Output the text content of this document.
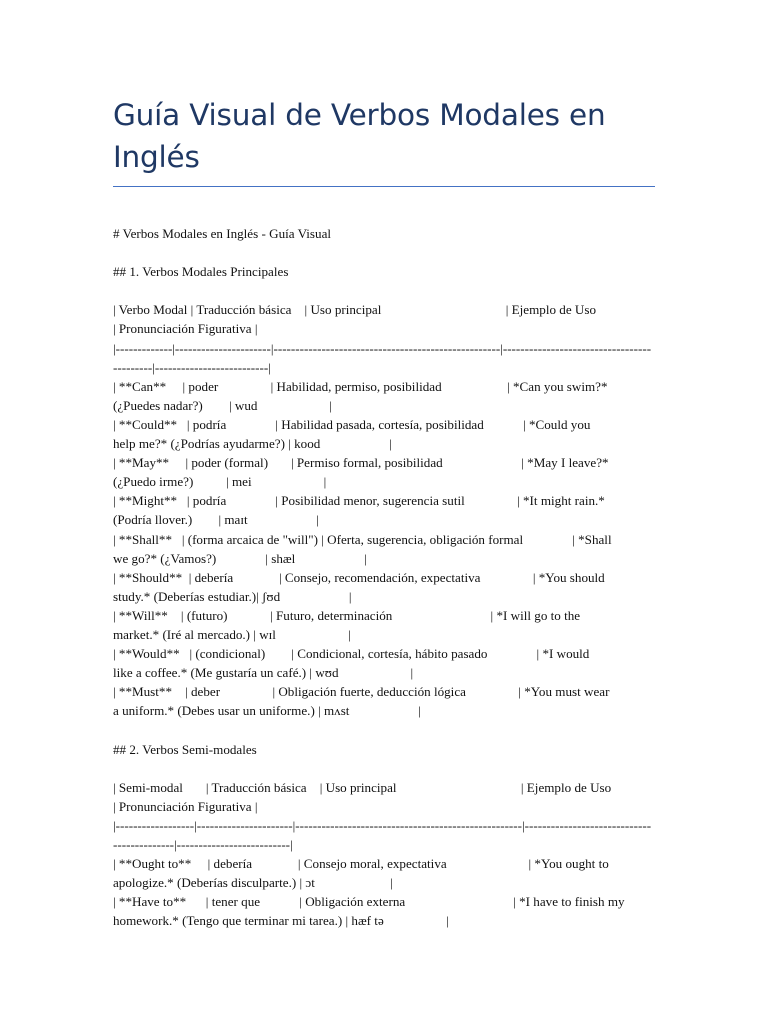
Guía Visual de Verbos Modales en Inglés
# Verbos Modales en Inglés - Guía Visual
## 1. Verbos Modales Principales
| Verbo Modal | Traducción básica    | Uso principal                                      | Ejemplo de Uso
| Pronunciación Figurativa |
|-------------|----------------------|----------------------------------------------------|-------------------------------------------|--------------------------|
| **Can**     | poder                | Habilidad, permiso, posibilidad                    | *Can you swim?*
(¿Puedes nadar?)        | wud                      |
| **Could**   | podría               | Habilidad pasada, cortesía, posibilidad            | *Could you
help me?* (¿Podrías ayudarme?) | kood                     |
| **May**     | poder (formal)       | Permiso formal, posibilidad                        | *May I leave?*
(¿Puedo irme?)          | mei                      |
| **Might**   | podría               | Posibilidad menor, sugerencia sutil                | *It might rain.*
(Podría llover.)        | maɪt                     |
| **Shall**   | (forma arcaica de "will") | Oferta, sugerencia, obligación formal               | *Shall
we go?* (¿Vamos?)               | shæl                     |
| **Should**  | debería              | Consejo, recomendación, expectativa                | *You should
study.* (Deberías estudiar.)| ʃʊd                     |
| **Will**    | (futuro)             | Futuro, determinación                              | *I will go to the
market.* (Iré al mercado.) | wɪl                      |
| **Would**   | (condicional)        | Condicional, cortesía, hábito pasado               | *I would
like a coffee.* (Me gustaría un café.) | wʊd                      |
| **Must**    | deber                | Obligación fuerte, deducción lógica                | *You must wear
a uniform.* (Debes usar un uniforme.) | mʌst                     |
## 2. Verbos Semi-modales
| Semi-modal       | Traducción básica    | Uso principal                                      | Ejemplo de Uso
| Pronunciación Figurativa |
|------------------|----------------------|----------------------------------------------------|-------------------------------------------|--------------------------|
| **Ought to**     | debería              | Consejo moral, expectativa                         | *You ought to
apologize.* (Deberías disculparte.) | ɔt                       |
| **Have to**      | tener que            | Obligación externa                                 | *I have to finish my
homework.* (Tengo que terminar mi tarea.) | hæf tə                   |
